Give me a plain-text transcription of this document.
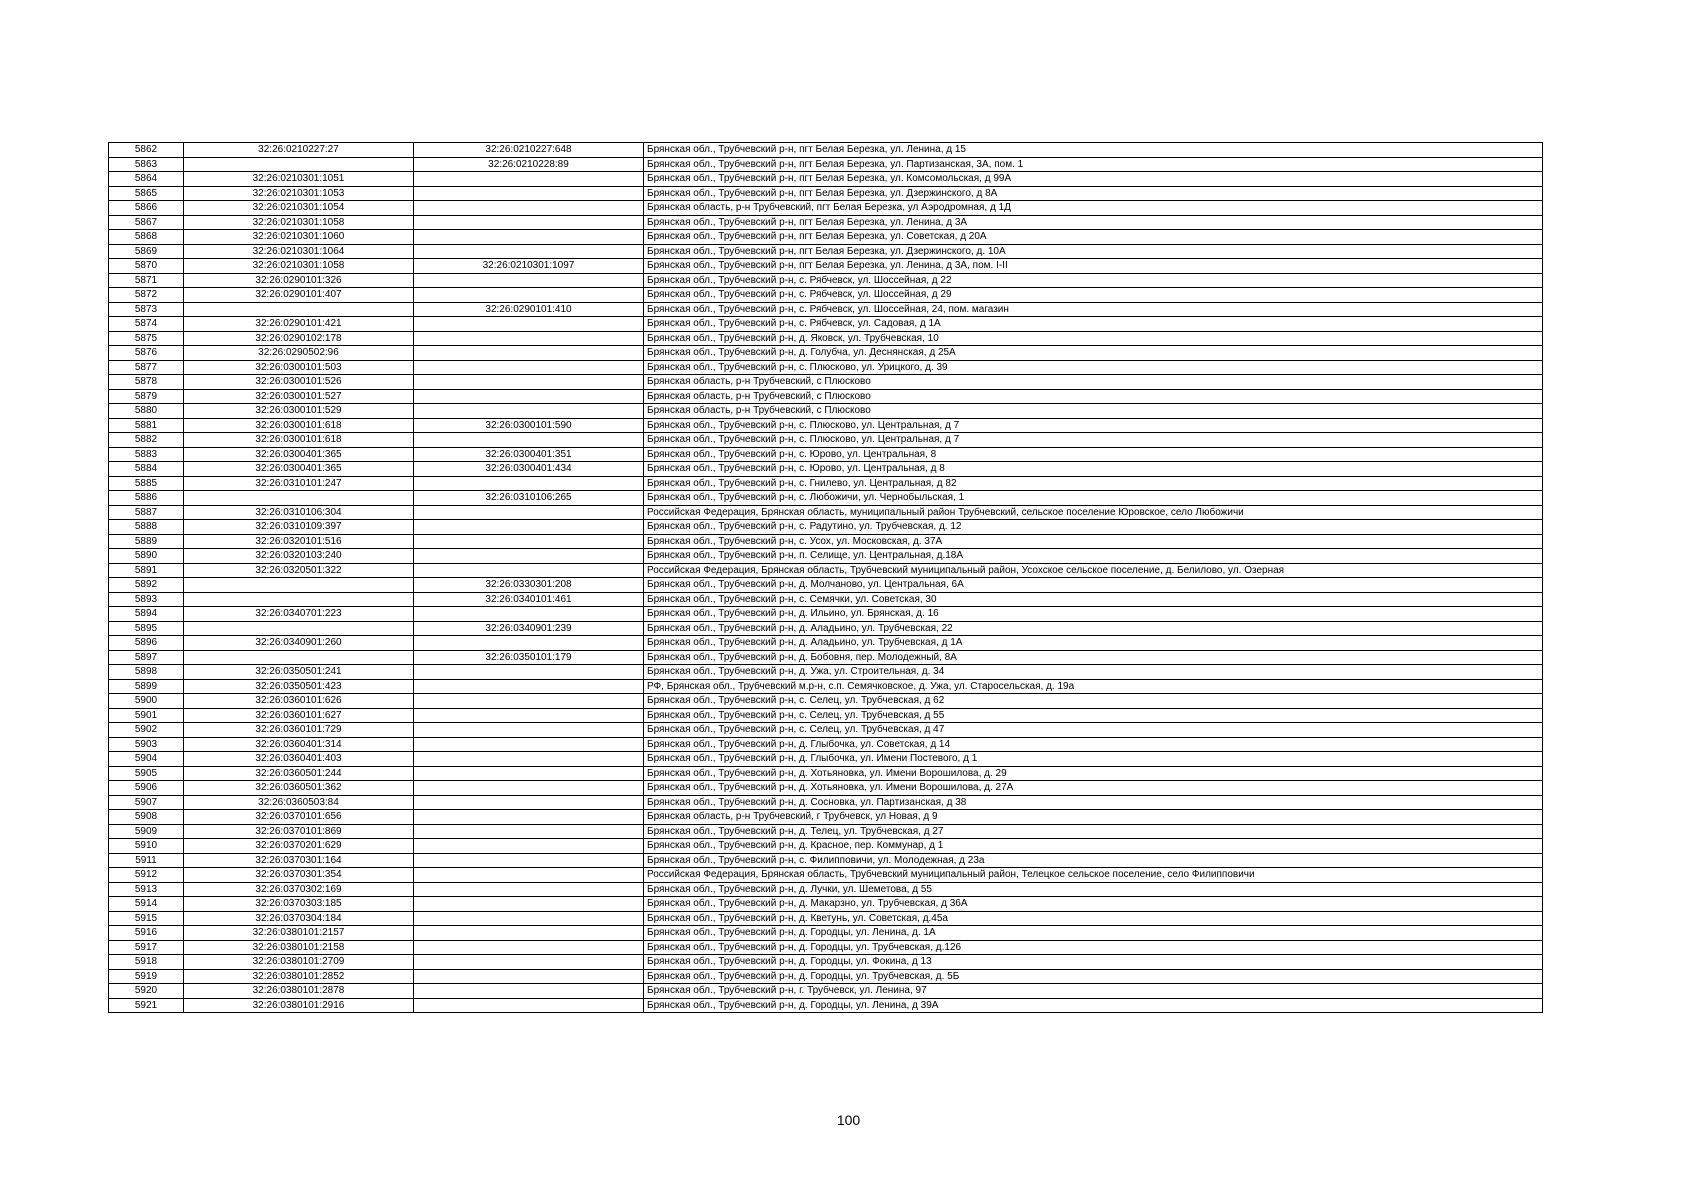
5862	32:26:0210227:27	32:26:0210227:648	Брянская обл., Трубчевский р-н, пгт Белая Березка, ул. Ленина, д 15
5863		32:26:0210228:89	Брянская обл., Трубчевский р-н, пгт Белая Березка, ул. Партизанская, 3А, пом. 1
5864	32:26:0210301:1051		Брянская обл., Трубчевский р-н, пгт Белая Березка, ул. Комсомольская, д 99А
5865	32:26:0210301:1053		Брянская обл., Трубчевский р-н, пгт Белая Березка, ул. Дзержинского, д 8А
5866	32:26:0210301:1054		Брянская область, р-н Трубчевский, пгт Белая Березка, ул Аэродромная, д 1Д
5867	32:26:0210301:1058		Брянская обл., Трубчевский р-н, пгт Белая Березка, ул. Ленина, д 3А
5868	32:26:0210301:1060		Брянская обл., Трубчевский р-н, пгт Белая Березка, ул. Советская, д 20А
5869	32:26:0210301:1064		Брянская обл., Трубчевский р-н, пгт Белая Березка, ул. Дзержинского, д. 10А
5870	32:26:0210301:1058	32:26:0210301:1097	Брянская обл., Трубчевский р-н, пгт Белая Березка, ул. Ленина, д 3А, пом. I-II
5871	32:26:0290101:326		Брянская обл., Трубчевский р-н, с. Рябчевск, ул. Шоссейная, д 22
5872	32:26:0290101:407		Брянская обл., Трубчевский р-н, с. Рябчевск, ул. Шоссейная, д 29
5873		32:26:0290101:410	Брянская обл., Трубчевский р-н, с. Рябчевск, ул. Шоссейная, 24, пом. магазин
5874	32:26:0290101:421		Брянская обл., Трубчевский р-н, с. Рябчевск, ул. Садовая, д 1А
5875	32:26:0290102:178		Брянская обл., Трубчевский р-н, д. Яковск, ул. Трубчевская, 10
5876	32:26:0290502:96		Брянская обл., Трубчевский р-н, д. Голубча, ул. Деснянская, д 25А
5877	32:26:0300101:503		Брянская обл., Трубчевский р-н, с. Плюсково, ул. Урицкого, д. 39
5878	32:26:0300101:526		Брянская область, р-н Трубчевский, с Плюсково
5879	32:26:0300101:527		Брянская область, р-н Трубчевский, с Плюсково
5880	32:26:0300101:529		Брянская область, р-н Трубчевский, с Плюсково
5881	32:26:0300101:618	32:26:0300101:590	Брянская обл., Трубчевский р-н, с. Плюсково, ул. Центральная, д 7
5882	32:26:0300101:618		Брянская обл., Трубчевский р-н, с. Плюсково, ул. Центральная, д 7
5883	32:26:0300401:365	32:26:0300401:351	Брянская обл., Трубчевский р-н, с. Юрово, ул. Центральная, 8
5884	32:26:0300401:365	32:26:0300401:434	Брянская обл., Трубчевский р-н, с. Юрово, ул. Центральная, д 8
5885	32:26:0310101:247		Брянская обл., Трубчевский р-н, с. Гнилево, ул. Центральная, д 82
5886		32:26:0310106:265	Брянская обл., Трубчевский р-н, с. Любожичи, ул. Чернобыльская, 1
5887	32:26:0310106:304		Российская Федерация, Брянская область, муниципальный район Трубчевский, сельское поселение Юровское, село Любожичи
5888	32:26:0310109:397		Брянская обл., Трубчевский р-н, с. Радутино, ул. Трубчевская, д. 12
5889	32:26:0320101:516		Брянская обл., Трубчевский р-н, с. Усох, ул. Московская, д. 37А
5890	32:26:0320103:240		Брянская обл., Трубчевский р-н, п. Селище, ул. Центральная, д.18А
5891	32:26:0320501:322		Российская Федерация, Брянская область, Трубчевский муниципальный район, Усохское сельское поселение, д. Белилово, ул. Озерная
5892		32:26:0330301:208	Брянская обл., Трубчевский р-н, д. Молчаново, ул. Центральная, 6А
5893		32:26:0340101:461	Брянская обл., Трубчевский р-н, с. Семячки, ул. Советская, 30
5894	32:26:0340701:223		Брянская обл., Трубчевский р-н, д. Ильино, ул. Брянская, д. 16
5895		32:26:0340901:239	Брянская обл., Трубчевский р-н, д. Аладьино, ул. Трубчевская, 22
5896	32:26:0340901:260		Брянская обл., Трубчевский р-н, д. Аладьино, ул. Трубчевская, д 1А
5897		32:26:0350101:179	Брянская обл., Трубчевский р-н, д. Бобовня, пер. Молодежный, 8А
5898	32:26:0350501:241		Брянская обл., Трубчевский р-н, д. Ужа, ул. Строительная, д. 34
5899	32:26:0350501:423		РФ, Брянская обл., Трубчевский м.р-н, с.п. Семячковское, д. Ужа, ул. Старосельская, д. 19а
5900	32:26:0360101:626		Брянская обл., Трубчевский р-н, с. Селец, ул. Трубчевская, д 62
5901	32:26:0360101:627		Брянская обл., Трубчевский р-н, с. Селец, ул. Трубчевская, д 55
5902	32:26:0360101:729		Брянская обл., Трубчевский р-н, с. Селец, ул. Трубчевская, д 47
5903	32:26:0360401:314		Брянская обл., Трубчевский р-н, д. Глыбочка, ул. Советская, д 14
5904	32:26:0360401:403		Брянская обл., Трубчевский р-н, д. Глыбочка, ул. Имени Постевого, д 1
5905	32:26:0360501:244		Брянская обл., Трубчевский р-н, д. Хотьяновка, ул. Имени Ворошилова, д. 29
5906	32:26:0360501:362		Брянская обл., Трубчевский р-н, д. Хотьяновка, ул. Имени Ворошилова, д. 27А
5907	32:26:0360503:84		Брянская обл., Трубчевский р-н, д. Сосновка, ул. Партизанская, д 38
5908	32:26:0370101:656		Брянская область, р-н Трубчевский, г Трубчевск, ул Новая, д 9
5909	32:26:0370101:869		Брянская обл., Трубчевский р-н, д. Телец, ул. Трубчевская, д 27
5910	32:26:0370201:629		Брянская обл., Трубчевский р-н, д. Красное, пер. Коммунар, д 1
5911	32:26:0370301:164		Брянская обл., Трубчевский р-н, с. Филипповичи, ул. Молодежная, д 23а
5912	32:26:0370301:354		Российская Федерация, Брянская область, Трубчевский муниципальный район, Телецкое сельское поселение, село Филипповичи
5913	32:26:0370302:169		Брянская обл., Трубчевский р-н, д. Лучки, ул. Шеметова, д 55
5914	32:26:0370303:185		Брянская обл., Трубчевский р-н, д. Макарзно, ул. Трубчевская, д 36А
5915	32:26:0370304:184		Брянская обл., Трубчевский р-н, д. Кветунь, ул. Советская, д.45а
5916	32:26:0380101:2157		Брянская обл., Трубчевский р-н, д. Городцы, ул. Ленина, д. 1А
5917	32:26:0380101:2158		Брянская обл., Трубчевский р-н, д. Городцы, ул. Трубчевская, д.126
5918	32:26:0380101:2709		Брянская обл., Трубчевский р-н, д. Городцы, ул. Фокина, д 13
5919	32:26:0380101:2852		Брянская обл., Трубчевский р-н, д. Городцы, ул. Трубчевская, д. 5Б
5920	32:26:0380101:2878		Брянская обл., Трубчевский р-н, г. Трубчевск, ул. Ленина, 97
5921	32:26:0380101:2916		Брянская обл., Трубчевский р-н, д. Городцы, ул. Ленина, д 39А
100
